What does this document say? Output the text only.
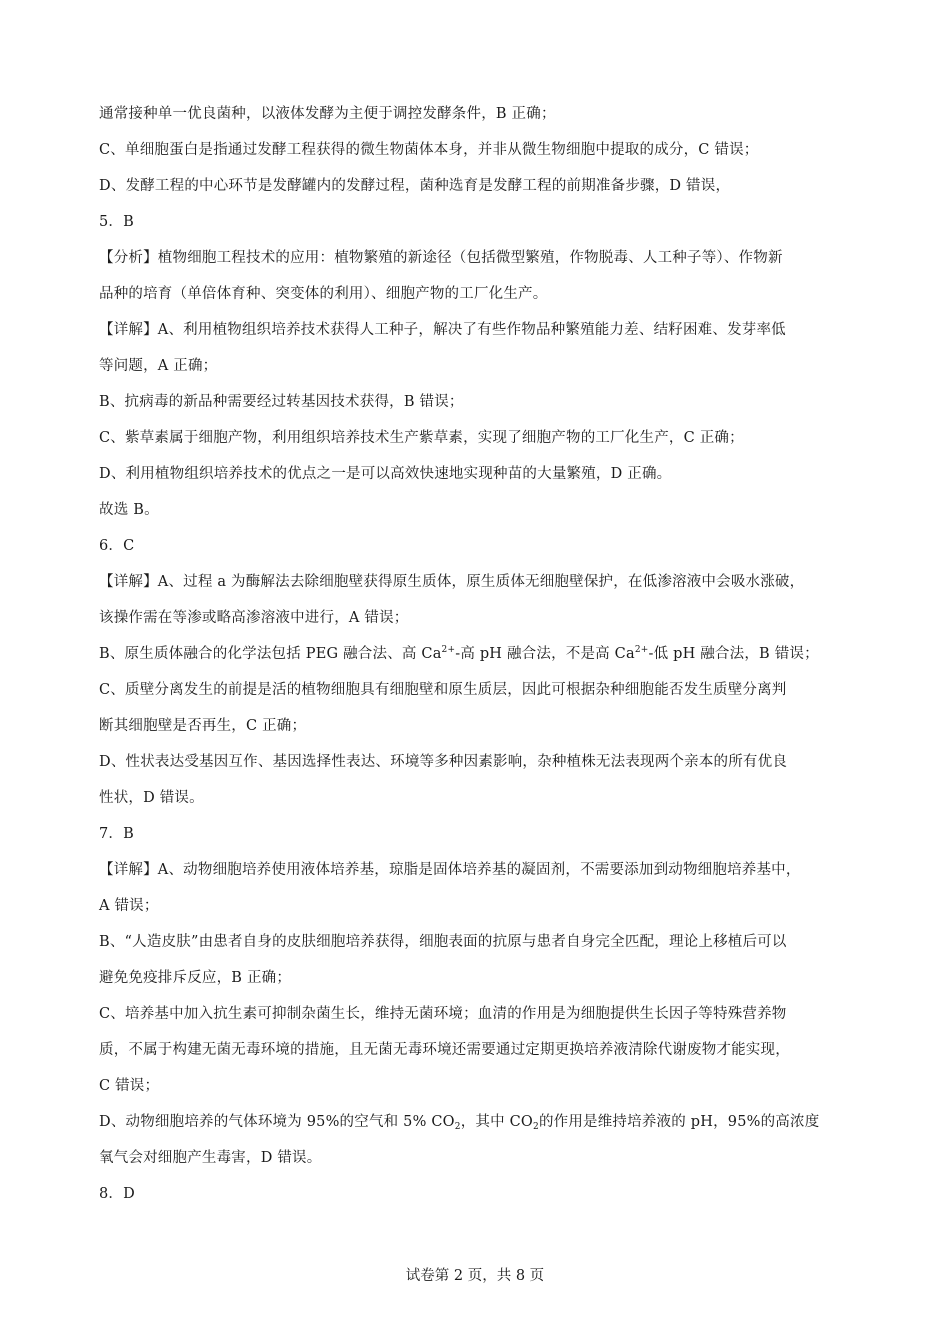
通常接种单一优良菌种，以液体发酵为主便于调控发酵条件，B 正确；
C、单细胞蛋白是指通过发酵工程获得的微生物菌体本身，并非从微生物细胞中提取的成分，C 错误；
D、发酵工程的中心环节是发酵罐内的发酵过程，菌种选育是发酵工程的前期准备步骤，D 错误，
5．B
【分析】植物细胞工程技术的应用：植物繁殖的新途径（包括微型繁殖，作物脱毒、人工种子等）、作物新
品种的培育（单倍体育种、突变体的利用）、细胞产物的工厂化生产。
【详解】A、利用植物组织培养技术获得人工种子，解决了有些作物品种繁殖能力差、结籽困难、发芽率低
等问题，A 正确；
B、抗病毒的新品种需要经过转基因技术获得，B 错误；
C、紫草素属于细胞产物，利用组织培养技术生产紫草素，实现了细胞产物的工厂化生产，C 正确；
D、利用植物组织培养技术的优点之一是可以高效快速地实现种苗的大量繁殖，D 正确。
故选 B。
6．C
【详解】A、过程 a 为酶解法去除细胞壁获得原生质体，原生质体无细胞壁保护，在低渗溶液中会吸水涨破，
该操作需在等渗或略高渗溶液中进行，A 错误；
B、原生质体融合的化学法包括 PEG 融合法、高 $Ca^{2+}-$高 pH 融合法，不是高 $Ca^{2+}-$低 pH 融合法，B 错误；
C、质壁分离发生的前提是活的植物细胞具有细胞壁和原生质层，因此可根据杂种细胞能否发生质壁分离判
断其细胞壁是否再生，C 正确；
D、性状表达受基因互作、基因选择性表达、环境等多种因素影响，杂种植株无法表现两个亲本的所有优良
性状，D 错误。
7．B
【详解】A、动物细胞培养使用液体培养基，琼脂是固体培养基的凝固剂，不需要添加到动物细胞培养基中，
A 错误；
B、“人造皮肤”由患者自身的皮肤细胞培养获得，细胞表面的抗原与患者自身完全匹配，理论上移植后可以
避免免疫排斥反应，B 正确；
C、培养基中加入抗生素可抑制杂菌生长，维持无菌环境；血清的作用是为细胞提供生长因子等特殊营养物
质，不属于构建无菌无毒环境的措施，且无菌无毒环境还需要通过定期更换培养液清除代谢废物才能实现，
C 错误；
D、动物细胞培养的气体环境为 95%的空气和 5% $CO_2$，其中 $CO_2$的作用是维持培养液的 pH，95%的高浓度
氧气会对细胞产生毒害，D 错误。
8．D
试卷第 2 页，共 8 页
